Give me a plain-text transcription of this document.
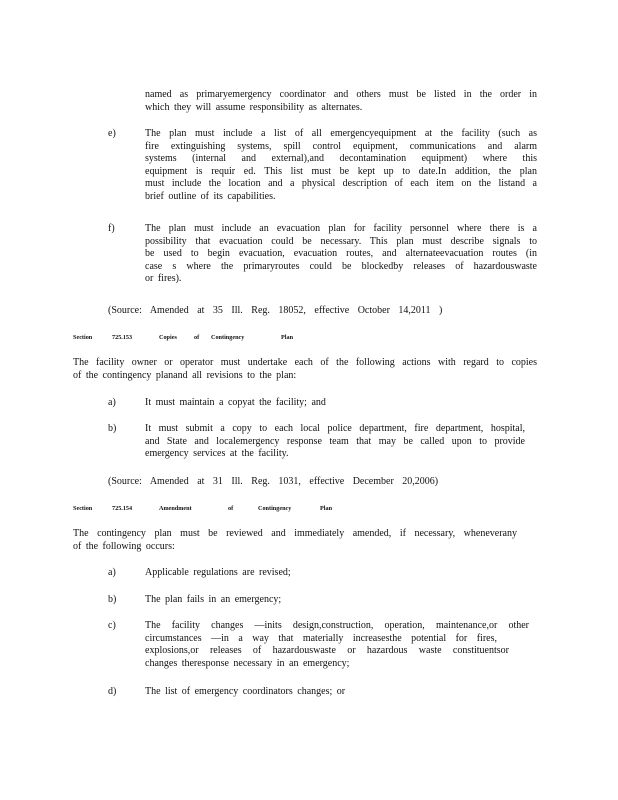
named as primaryemergency coordinator and others must be listed in the order in
which they will assume responsibility as alternates.
e)	The plan must include a list of all emergencyequipment at the facility (such as
fire extinguishing systems, spill control equipment, communications and alarm
systems (internal and external),and decontamination equipment) where this
equipment is requir ed. This list must be kept up to date.In addition, the plan
must include the location and a physical description of each item on the listand a
brief outline of its capabilities.
f)	The plan must include an evacuation plan for facility personnel where there is a
possibility that evacuation could be necessary. This plan must describe signals to
be used to begin evacuation, evacuation routes, and alternateevacuation routes (in
case s where the primaryroutes could be blockedby releases of hazardouswaste
or fires).
(Source: Amended at 35 Ill. Reg. 18052, effective October 14,2011 )
Section	725.153	Copies	of Contingency	Plan
The facility owner or operator must undertake each of the following actions with regard to copies
of the contingency planand all revisions to the plan:
a)	It must maintain a copyat the facility; and
b)	It must submit a copy to each local police department, fire department, hospital,
and State and localemergency response team that may be called upon to provide
emergency services at the facility.
(Source: Amended at 31 Ill. Reg. 1031, effective December 20,2006)
Section	725.154	Amendment	of	Contingency	Plan
The contingency plan must be reviewed and immediately amended, if necessary, wheneverany
of the following occurs:
a)	Applicable regulations are revised;
b)	The plan fails in an emergency;
c)	The facility changes —inits design,construction, operation, maintenance,or other
circumstances —in a way that materially increasesthe potential for fires,
explosions,or releases of hazardouswaste or hazardous waste constituentsor
changes theresponse necessary in an emergency;
d)	The list of emergency coordinators changes; or
